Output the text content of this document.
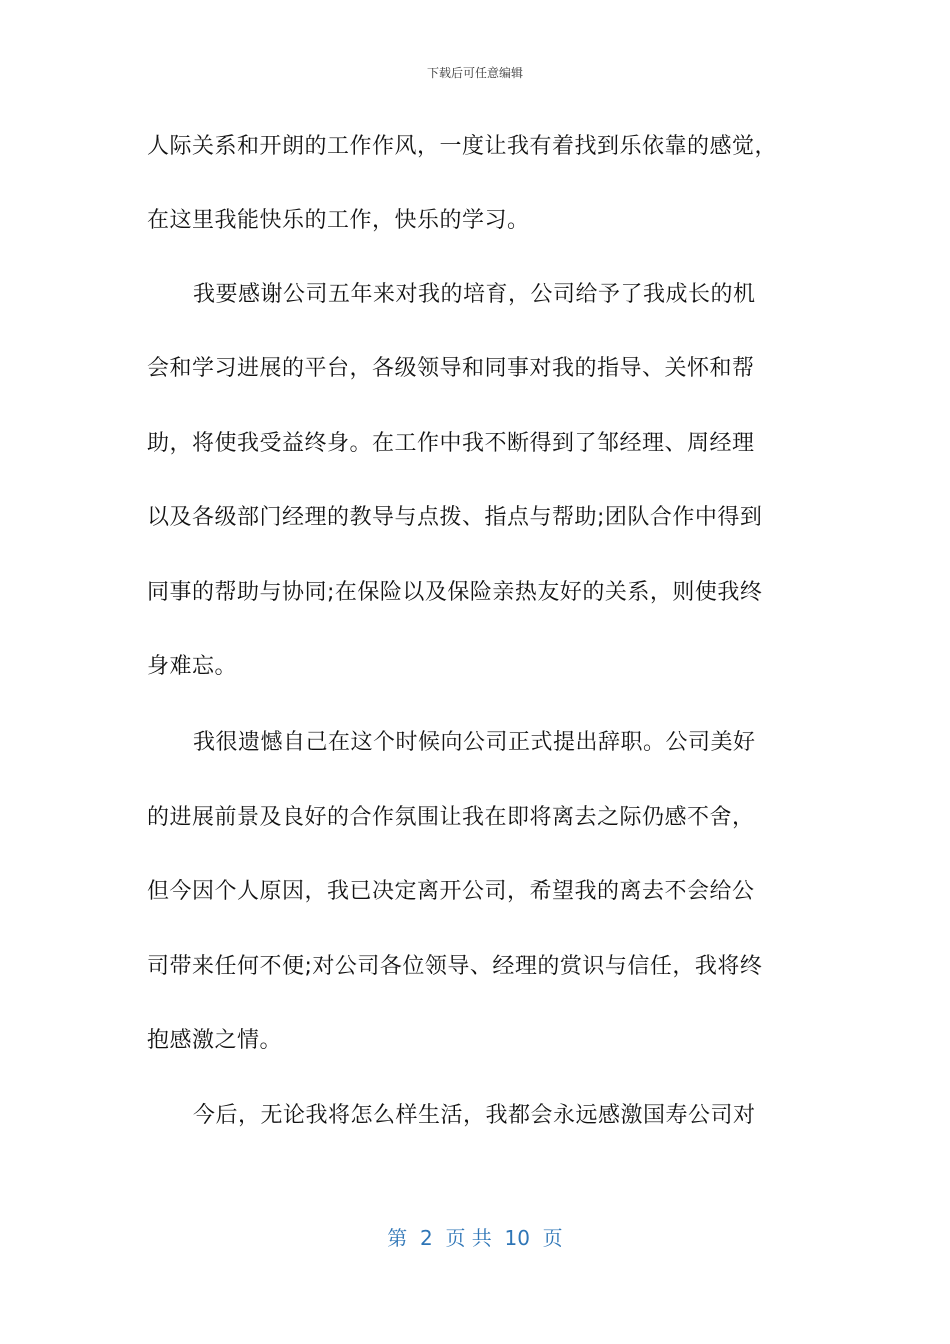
下载后可任意编辑
人际关系和开朗的工作作风，一度让我有着找到乐依靠的感觉，
在这里我能快乐的工作，快乐的学习。
我要感谢公司五年来对我的培育，公司给予了我成长的机
会和学习进展的平台，各级领导和同事对我的指导、关怀和帮
助，将使我受益终身。在工作中我不断得到了邹经理、周经理
以及各级部门经理的教导与点拨、指点与帮助;团队合作中得到
同事的帮助与协同;在保险以及保险亲热友好的关系，则使我终
身难忘。
我很遗憾自己在这个时候向公司正式提出辞职。公司美好
的进展前景及良好的合作氛围让我在即将离去之际仍感不舍，
但今因个人原因，我已决定离开公司，希望我的离去不会给公
司带来任何不便;对公司各位领导、经理的赏识与信任，我将终
抱感激之情。
今后，无论我将怎么样生活，我都会永远感激国寿公司对
第  2  页 共  10  页
